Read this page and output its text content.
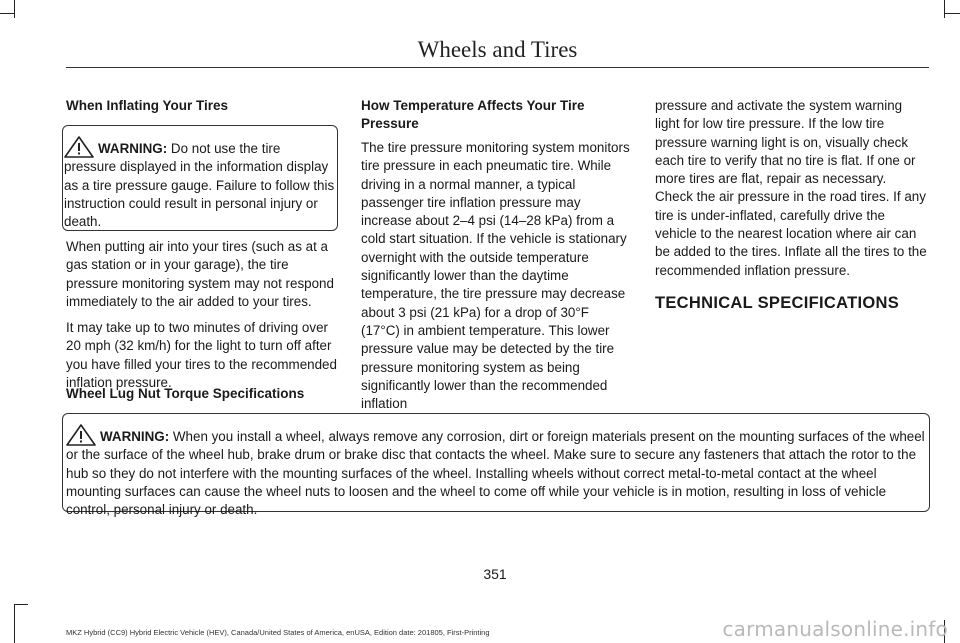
Wheels and Tires
When Inflating Your Tires

WARNING: Do not use the tire pressure displayed in the information display as a tire pressure gauge. Failure to follow this instruction could result in personal injury or death.

When putting air into your tires (such as at a gas station or in your garage), the tire pressure monitoring system may not respond immediately to the air added to your tires.

It may take up to two minutes of driving over 20 mph (32 km/h) for the light to turn off after you have filled your tires to the recommended inflation pressure.

How Temperature Affects Your Tire Pressure

The tire pressure monitoring system monitors tire pressure in each pneumatic tire. While driving in a normal manner, a typical passenger tire inflation pressure may increase about 2–4 psi (14–28 kPa) from a cold start situation. If the vehicle is stationary overnight with the outside temperature significantly lower than the daytime temperature, the tire pressure may decrease about 3 psi (21 kPa) for a drop of 30°F (17°C) in ambient temperature. This lower pressure value may be detected by the tire pressure monitoring system as being significantly lower than the recommended inflation

pressure and activate the system warning light for low tire pressure. If the low tire pressure warning light is on, visually check each tire to verify that no tire is flat. If one or more tires are flat, repair as necessary. Check the air pressure in the road tires. If any tire is under-inflated, carefully drive the vehicle to the nearest location where air can be added to the tires. Inflate all the tires to the recommended inflation pressure.

TECHNICAL SPECIFICATIONS
Wheel Lug Nut Torque Specifications

WARNING: When you install a wheel, always remove any corrosion, dirt or foreign materials present on the mounting surfaces of the wheel or the surface of the wheel hub, brake drum or brake disc that contacts the wheel. Make sure to secure any fasteners that attach the rotor to the hub so they do not interfere with the mounting surfaces of the wheel. Installing wheels without correct metal-to-metal contact at the wheel mounting surfaces can cause the wheel nuts to loosen and the wheel to come off while your vehicle is in motion, resulting in loss of vehicle control, personal injury or death.

351
MKZ Hybrid (CC9) Hybrid Electric Vehicle (HEV), Canada/United States of America, enUSA, Edition date: 201805, First-Printing	carmanualsonline.info
